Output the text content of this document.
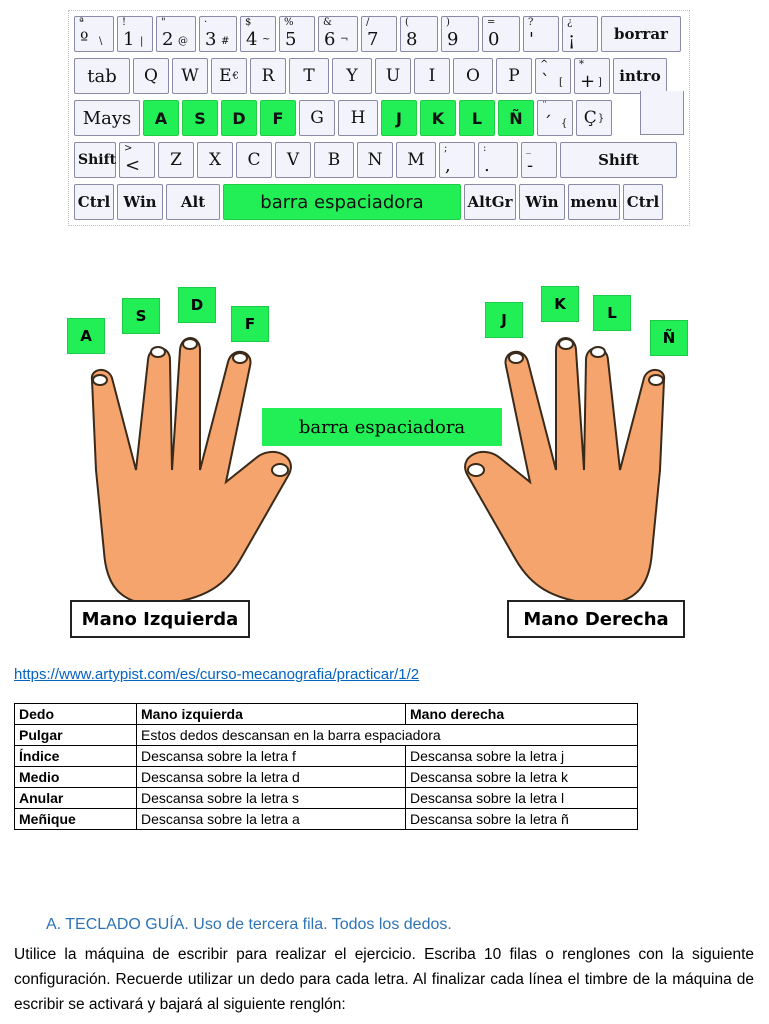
ª
º \
!
1 |
"
2 @
·
3 #
$
4 ~
%
5
&
6 ¬
/
7
(
8
)
9
=
0
?
'
¿
¡	borrar
tab	Q	W	E €	R	T	Y	U	I	O	P
^
` [
*
+ ]	intro
Mays	A	S	D	F	G	H	J	K	L	Ñ
¨
´ { Ç }
Shift
>
<	Z	X	C	V	B	N	M
;
,
:
.
_
-	Shift
Ctrl Win	Alt	barra espaciadora	AltGr Win menu Ctrl
A
S
D
F	J
K	L
Ñ
barra espaciadora
Mano Izquierda	Mano Derecha
https://www.artypist.com/es/curso-mecanografia/practicar/1/2
Dedo	Mano izquierda	Mano derecha
Pulgar	Estos dedos descansan en la barra espaciadora	
Índice	Descansa sobre la letra f	Descansa sobre la letra j
Medio	Descansa sobre la letra d	Descansa sobre la letra k
Anular	Descansa sobre la letra s	Descansa sobre la letra l
Meñique	Descansa sobre la letra a	Descansa sobre la letra ñ
A. TECLADO GUÍA. Uso de tercera fila. Todos los dedos.
Utilice la máquina de escribir para realizar el ejercicio. Escriba 10 filas o renglones con la siguiente configuración. Recuerde utilizar un dedo para cada letra. Al finalizar cada línea el timbre de la máquina de escribir se activará y bajará al siguiente renglón:
